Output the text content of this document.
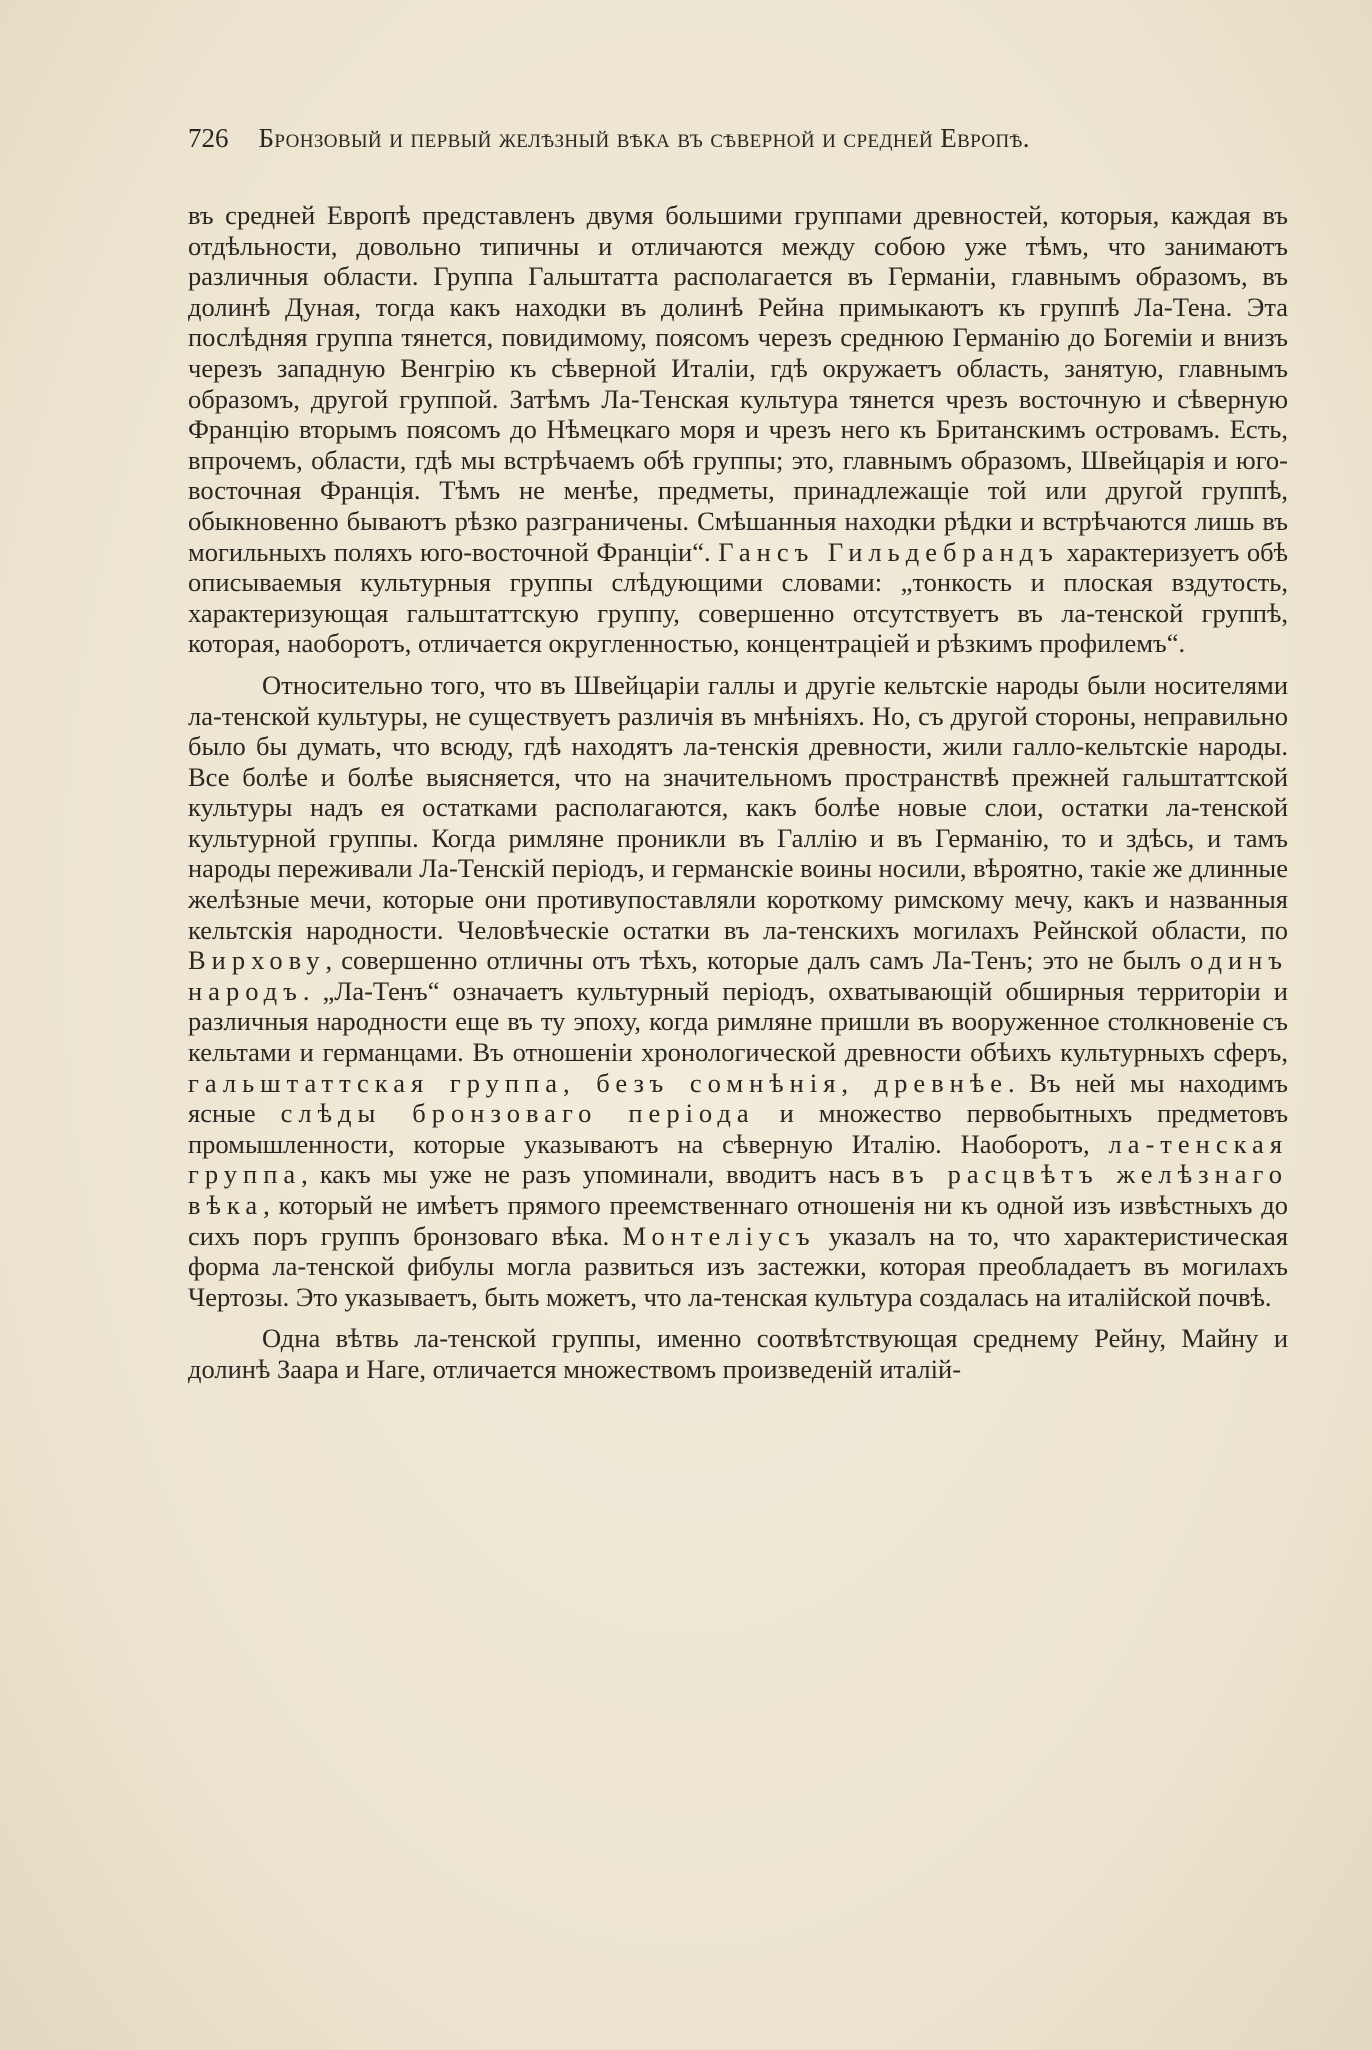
726 Бронзовый и первый желѣзный вѣка въ сѣверной и средней Европѣ.

въ средней Европѣ представленъ двумя большими группами древностей, которыя, каждая въ отдѣльности, довольно типичны и отличаются между собою уже тѣмъ, что занимаютъ различныя области. Группа Гальштатта располагается въ Германіи, главнымъ образомъ, въ долинѣ Дуная, тогда какъ находки въ долинѣ Рейна примыкаютъ къ группѣ Ла-Тена. Эта послѣдняя группа тянется, повидимому, поясомъ черезъ среднюю Германію до Богеміи и внизъ черезъ западную Венгрію къ сѣверной Италіи, гдѣ окружаетъ область, занятую, главнымъ образомъ, другой группой. Затѣмъ Ла-Тенская культура тянется чрезъ восточную и сѣверную Францію вторымъ поясомъ до Нѣмецкаго моря и чрезъ него къ Британскимъ островамъ. Есть, впрочемъ, области, гдѣ мы встрѣчаемъ обѣ группы; это, главнымъ образомъ, Швейцарія и юго-восточная Франція. Тѣмъ не менѣе, предметы, принадлежащіе той или другой группѣ, обыкновенно бываютъ рѣзко разграничены. Смѣшанныя находки рѣдки и встрѣчаются лишь въ могильныхъ поляхъ юго-восточной Франціи“. Гансъ Гильдебрандъ характеризуетъ обѣ описываемыя культурныя группы слѣдующими словами: „тонкость и плоская вздутость, характеризующая гальштаттскую группу, совершенно отсутствуетъ въ ла-тенской группѣ, которая, наоборотъ, отличается округленностью, концентраціей и рѣзкимъ профилемъ“.

Относительно того, что въ Швейцаріи галлы и другіе кельтскіе народы были носителями ла-тенской культуры, не существуетъ различія въ мнѣніяхъ. Но, съ другой стороны, неправильно было бы думать, что всюду, гдѣ находятъ ла-тенскія древности, жили галло-кельтскіе народы. Все болѣе и болѣе выясняется, что на значительномъ пространствѣ прежней гальштаттской культуры надъ ея остатками располагаются, какъ болѣе новые слои, остатки ла-тенской культурной группы. Когда римляне проникли въ Галлію и въ Германію, то и здѣсь, и тамъ народы переживали Ла-Тенскій періодъ, и германскіе воины носили, вѣроятно, такіе же длинные желѣзные мечи, которые они противупоставляли короткому римскому мечу, какъ и названныя кельтскія народности. Человѣческіе остатки въ ла-тенскихъ могилахъ Рейнской области, по Вирхову, совершенно отличны отъ тѣхъ, которые далъ самъ Ла-Тенъ; это не былъ одинъ народъ. „Ла-Тенъ“ означаетъ культурный періодъ, охватывающій обширныя территоріи и различныя народности еще въ ту эпоху, когда римляне пришли въ вооруженное столкновеніе съ кельтами и германцами. Въ отношеніи хронологической древности обѣихъ культурныхъ сферъ, гальштаттская группа, безъ сомнѣнія, древнѣе. Въ ней мы находимъ ясные слѣды бронзоваго періода и множество первобытныхъ предметовъ промышленности, которые указываютъ на сѣверную Италію. Наоборотъ, ла-тенская группа, какъ мы уже не разъ упоминали, вводитъ насъ въ расцвѣтъ желѣзнаго вѣка, который не имѣетъ прямого преемственнаго отношенія ни къ одной изъ извѣстныхъ до сихъ поръ группъ бронзоваго вѣка. Монтеліусъ указалъ на то, что характеристическая форма ла-тенской фибулы могла развиться изъ застежки, которая преобладаетъ въ могилахъ Чертозы. Это указываетъ, быть можетъ, что ла-тенская культура создалась на италійской почвѣ.

Одна вѣтвь ла-тенской группы, именно соотвѣтствующая среднему Рейну, Майну и долинѣ Заара и Наге, отличается множествомъ произведеній италій-
